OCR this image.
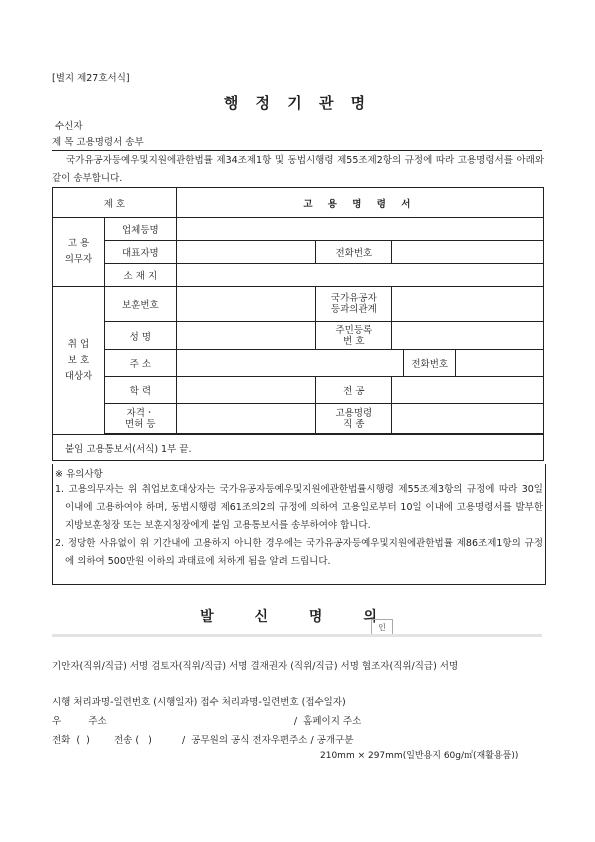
[별지 제27호서식]
행 정 기 관 명
수신자
제 목 고용명령서 송부
국가유공자등예우및지원에관한법률 제34조제1항 및 동법시행령 제55조제2항의 규정에 따라 고용명령서를 아래와 같이 송부합니다.
제 호		고 용 명 령 서				
고 용
의무자	업체등명					
	대표자명		전화번호			
	소 재 지					
취 업
보 호
대상자	보훈번호		국가유공자
등과의관계			
	성 명		주민등록
번 호			
	주 소				전화번호	
	학 력		전 공			
	자격ㆍ
면허 등		고용명령
직 종			

붙임 고용통보서(서식) 1부 끝.						
※ 유의사항
1. 고용의무자는 위 취업보호대상자는 국가유공자등예우및지원에관한법률시행령 제55조제3항의 규정에 따라 30일 이내에 고용하여야 하며, 동법시행령 제61조의2의 규정에 의하여 고용일로부터 10일 이내에 고용명령서를 발부한 지방보훈청장 또는 보훈지청장에게 붙임 고용통보서를 송부하여야 합니다.
2. 정당한 사유없이 위 기간내에 고용하지 아니한 경우에는 국가유공자등예우및지원에관한법률 제86조제1항의 규정에 의하여 500만원 이하의 과태료에 처하게 됨을 알려 드립니다.
발 신 명 의
인
기안자(직위/직급) 서명 검토자(직위/직급) 서명 결재권자 (직위/직급) 서명 협조자(직위/직급) 서명
시행 처리과명-일련번호 (시행일자) 접수 처리과명-일련번호 (접수일자)
우         주소                                                              /  홈페이지 주소
전화  (  )        전송 (   )          /  공무원의 공식 전자우편주소 / 공개구분
210mm × 297mm(일반용지 60g/㎡(재활용품))
